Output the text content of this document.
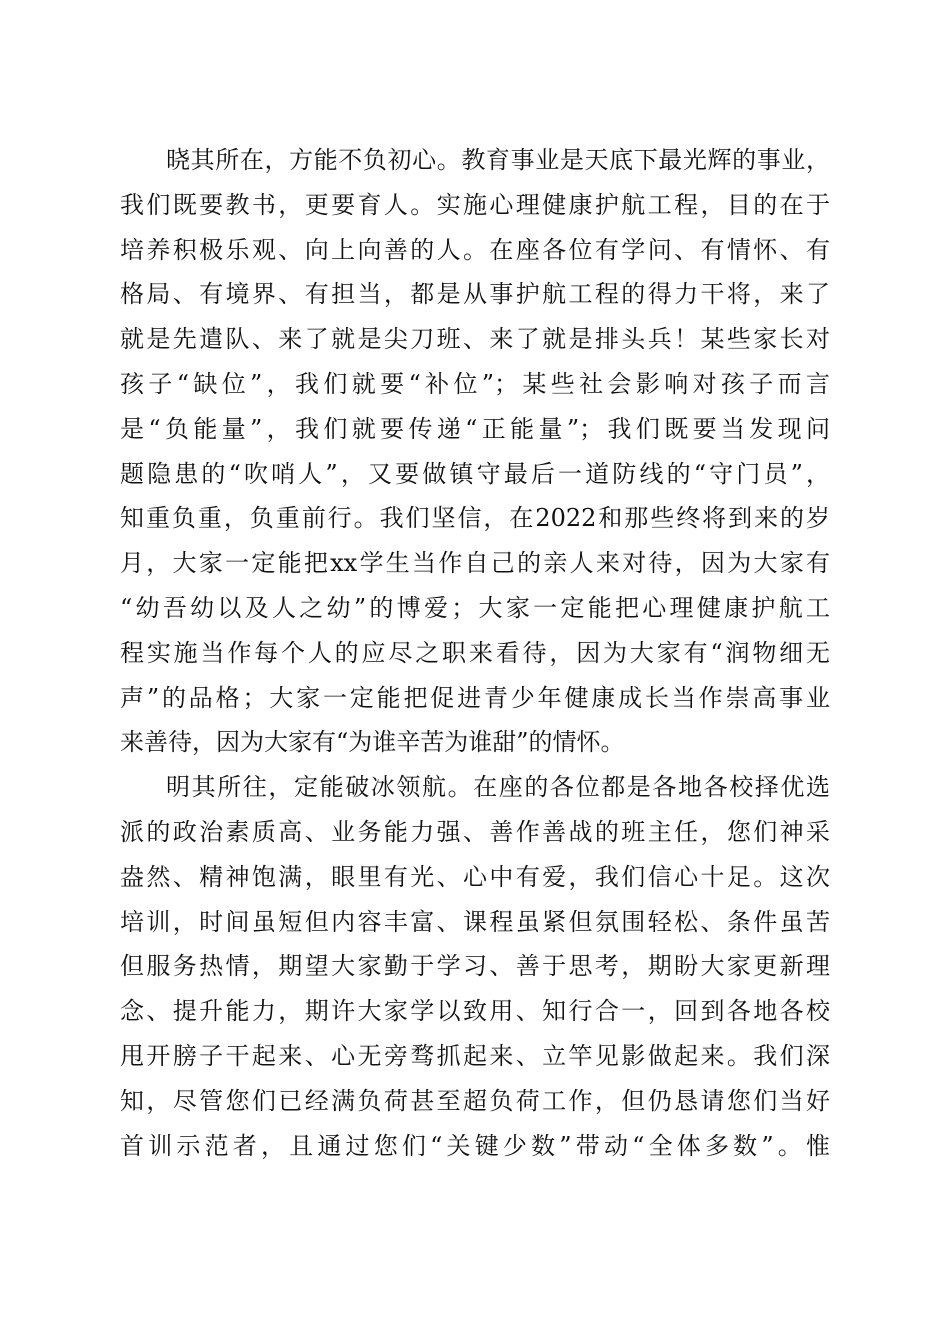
晓其所在，方能不负初心。教育事业是天底下最光辉的事业，
我们既要教书，更要育人。实施心理健康护航工程，目的在于
培养积极乐观、向上向善的人。在座各位有学问、有情怀、有
格局、有境界、有担当，都是从事护航工程的得力干将，来了
就是先遣队、来了就是尖刀班、来了就是排头兵！某些家长对
孩子“缺位”，我们就要“补位”；某些社会影响对孩子而言
是“负能量”，我们就要传递“正能量”；我们既要当发现问
题隐患的“吹哨人”，又要做镇守最后一道防线的“守门员”，
知重负重，负重前行。我们坚信，在2022和那些终将到来的岁
月，大家一定能把xx学生当作自己的亲人来对待，因为大家有
“幼吾幼以及人之幼”的博爱；大家一定能把心理健康护航工
程实施当作每个人的应尽之职来看待，因为大家有“润物细无
声”的品格；大家一定能把促进青少年健康成长当作崇高事业
来善待，因为大家有“为谁辛苦为谁甜”的情怀。
明其所往，定能破冰领航。在座的各位都是各地各校择优选
派的政治素质高、业务能力强、善作善战的班主任，您们神采
盎然、精神饱满，眼里有光、心中有爱，我们信心十足。这次
培训，时间虽短但内容丰富、课程虽紧但氛围轻松、条件虽苦
但服务热情，期望大家勤于学习、善于思考，期盼大家更新理
念、提升能力，期许大家学以致用、知行合一，回到各地各校
甩开膀子干起来、心无旁骛抓起来、立竿见影做起来。我们深
知，尽管您们已经满负荷甚至超负荷工作，但仍恳请您们当好
首训示范者，且通过您们“关键少数”带动“全体多数”。惟
